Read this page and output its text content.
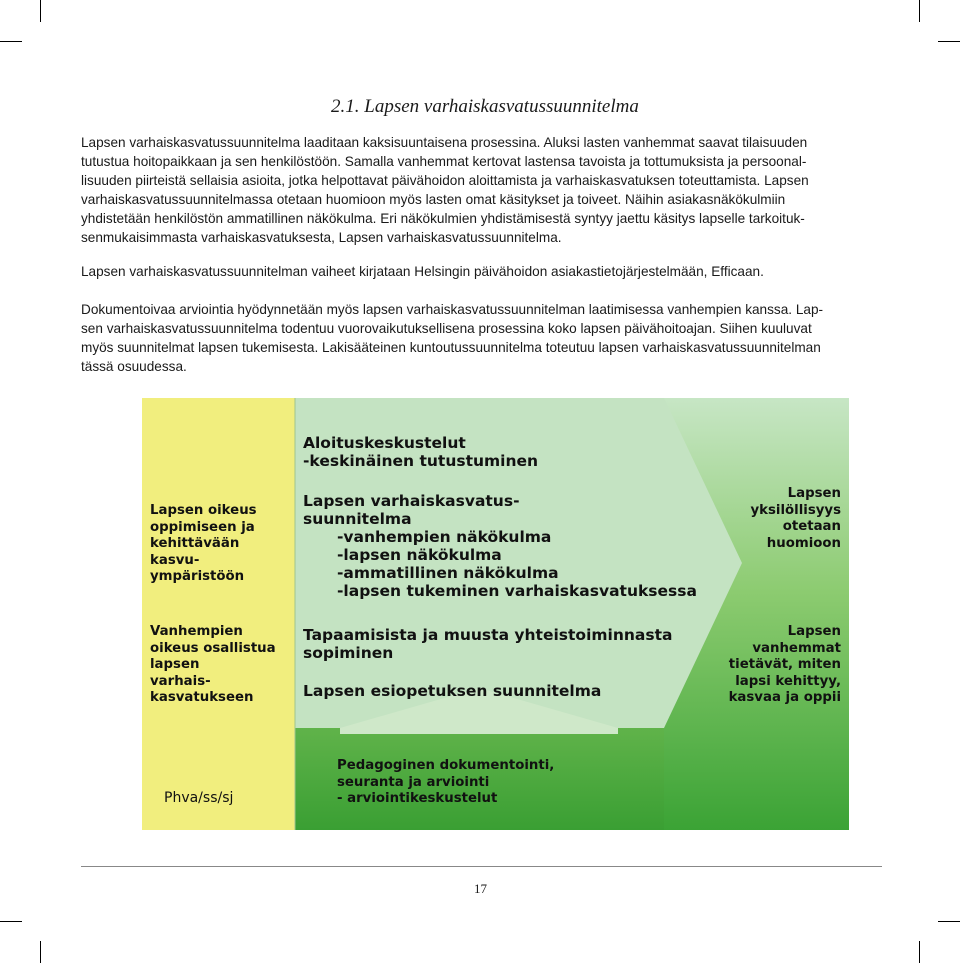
2.1. Lapsen varhaiskasvatussuunnitelma
Lapsen varhaiskasvatussuunnitelma laaditaan kaksisuuntaisena prosessina. Aluksi lasten vanhemmat saavat tilaisuuden
tutustua hoitopaikkaan ja sen henkilöstöön. Samalla vanhemmat kertovat lastensa tavoista ja tottumuksista ja persoonal-
lisuuden piirteistä sellaisia asioita, jotka helpottavat päivähoidon aloittamista ja varhaiskasvatuksen toteuttamista. Lapsen
varhaiskasvatussuunnitelmassa otetaan huomioon myös lasten omat käsitykset ja toiveet. Näihin asiakasnäkökulmiin
yhdistetään henkilöstön ammatillinen näkökulma. Eri näkökulmien yhdistämisestä syntyy jaettu käsitys lapselle tarkoituk-
senmukaisimmasta varhaiskasvatuksesta, Lapsen varhaiskasvatussuunnitelma.
Lapsen varhaiskasvatussuunnitelman vaiheet kirjataan Helsingin päivähoidon asiakastietojärjestelmään, Efficaan.
Dokumentoivaa arviointia hyödynnetään myös lapsen varhaiskasvatussuunnitelman laatimisessa vanhempien kanssa. Lap-
sen varhaiskasvatussuunnitelma todentuu vuorovaikutuksellisena prosessina koko lapsen päivähoitoajan. Siihen kuuluvat
myös suunnitelmat lapsen tukemisesta. Lakisääteinen kuntoutussuunnitelma toteutuu lapsen varhaiskasvatussuunnitelman
tässä osuudessa.
Aloituskeskustelut
-keskinäinen tutustuminen
Lapsen varhaiskasvatus-
suunnitelma
-vanhempien näkökulma
-lapsen näkökulma
-ammatillinen näkökulma
-lapsen tukeminen varhaiskasvatuksessa
Tapaamisista ja muusta yhteistoiminnasta
sopiminen
Lapsen esiopetuksen suunnitelma
Pedagoginen dokumentointi,
seuranta ja arviointi
- arviointikeskustelut
Lapsen oikeus
oppimiseen ja
kehittävään
kasvu-
ympäristöön
Vanhempien
oikeus osallistua
lapsen
varhais-
kasvatukseen
Phva/ss/sj
Lapsen
yksilöllisyys
otetaan
huomioon
Lapsen
vanhemmat
tietävät, miten
lapsi kehittyy,
kasvaa ja oppii
17
